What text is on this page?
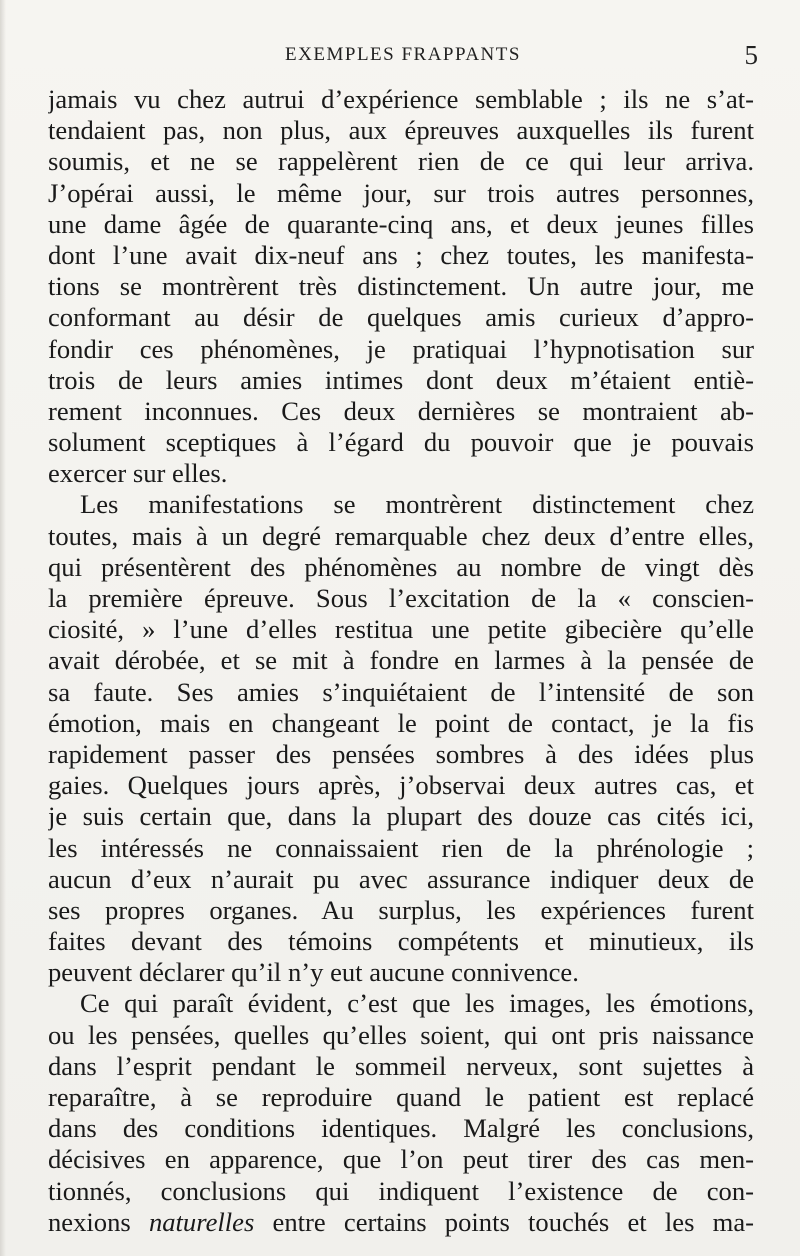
EXEMPLES FRAPPANTS	5
jamais vu chez autrui d’expérience semblable ; ils ne s’at-
tendaient pas, non plus, aux épreuves auxquelles ils furent
soumis, et ne se rappelèrent rien de ce qui leur arriva.
J’opérai aussi, le même jour, sur trois autres personnes,
une dame âgée de quarante-cinq ans, et deux jeunes filles
dont l’une avait dix-neuf ans ; chez toutes, les manifesta-
tions se montrèrent très distinctement. Un autre jour, me
conformant au désir de quelques amis curieux d’appro-
fondir ces phénomènes, je pratiquai l’hypnotisation sur
trois de leurs amies intimes dont deux m’étaient entiè-
rement inconnues. Ces deux dernières se montraient ab-
solument sceptiques à l’égard du pouvoir que je pouvais
exercer sur elles.
Les manifestations se montrèrent distinctement chez
toutes, mais à un degré remarquable chez deux d’entre elles,
qui présentèrent des phénomènes au nombre de vingt dès
la première épreuve. Sous l’excitation de la « conscien-
ciosité, » l’une d’elles restitua une petite gibecière qu’elle
avait dérobée, et se mit à fondre en larmes à la pensée de
sa faute. Ses amies s’inquiétaient de l’intensité de son
émotion, mais en changeant le point de contact, je la fis
rapidement passer des pensées sombres à des idées plus
gaies. Quelques jours après, j’observai deux autres cas, et
je suis certain que, dans la plupart des douze cas cités ici,
les intéressés ne connaissaient rien de la phrénologie ;
aucun d’eux n’aurait pu avec assurance indiquer deux de
ses propres organes. Au surplus, les expériences furent
faites devant des témoins compétents et minutieux, ils
peuvent déclarer qu’il n’y eut aucune connivence.
Ce qui paraît évident, c’est que les images, les émotions,
ou les pensées, quelles qu’elles soient, qui ont pris naissance
dans l’esprit pendant le sommeil nerveux, sont sujettes à
reparaître, à se reproduire quand le patient est replacé
dans des conditions identiques. Malgré les conclusions,
décisives en apparence, que l’on peut tirer des cas men-
tionnés, conclusions qui indiquent l’existence de con-
nexions naturelles entre certains points touchés et les ma-
